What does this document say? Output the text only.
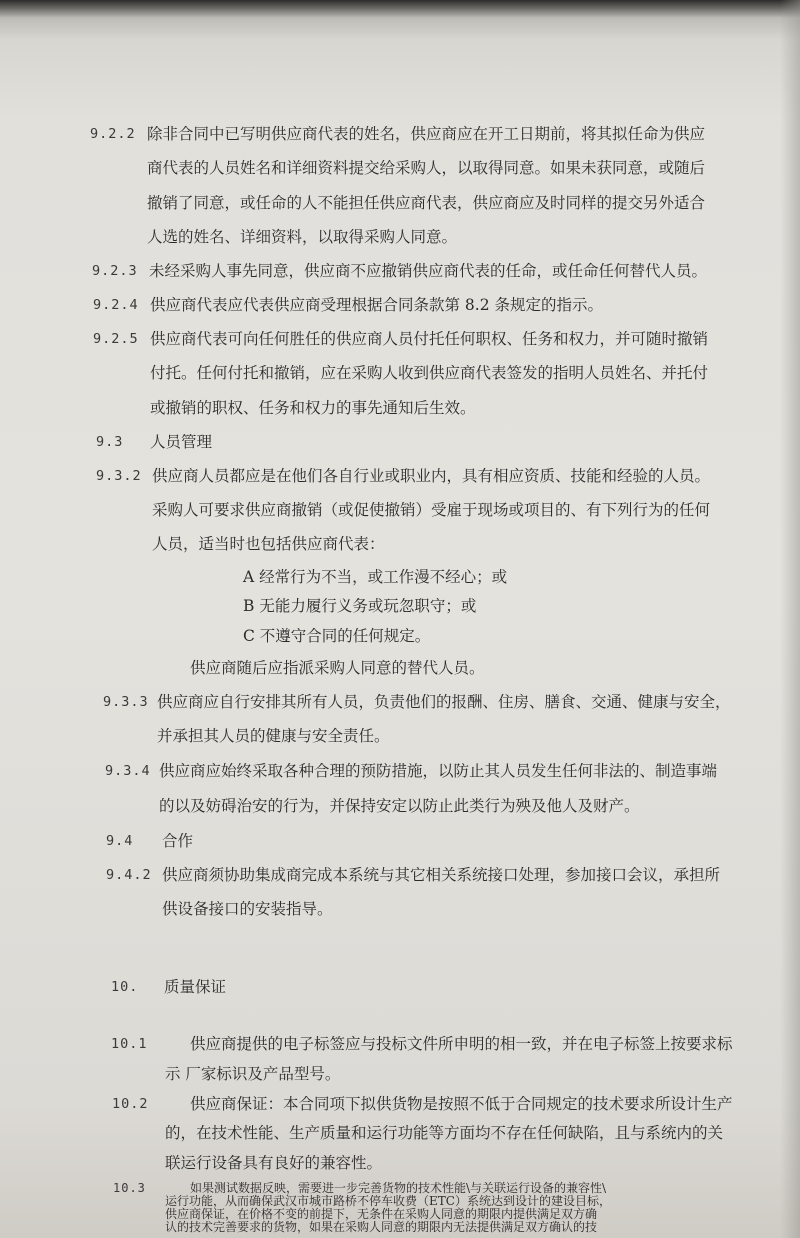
9.2.2 除非合同中已写明供应商代表的姓名，供应商应在开工日期前，将其拟任命为供应
商代表的人员姓名和详细资料提交给采购人，以取得同意。如果未获同意，或随后
撤销了同意，或任命的人不能担任供应商代表，供应商应及时同样的提交另外适合
人选的姓名、详细资料，以取得采购人同意。
9.2.3 未经采购人事先同意，供应商不应撤销供应商代表的任命，或任命任何替代人员。
9.2.4 供应商代表应代表供应商受理根据合同条款第 8.2 条规定的指示。
9.2.5 供应商代表可向任何胜任的供应商人员付托任何职权、任务和权力，并可随时撤销
付托。任何付托和撤销，应在采购人收到供应商代表签发的指明人员姓名、并托付
或撤销的职权、任务和权力的事先通知后生效。
9.3 人员管理
9.3.2 供应商人员都应是在他们各自行业或职业内，具有相应资质、技能和经验的人员。
采购人可要求供应商撤销（或促使撤销）受雇于现场或项目的、有下列行为的任何
人员，适当时也包括供应商代表：
A 经常行为不当，或工作漫不经心；或
B 无能力履行义务或玩忽职守；或
C 不遵守合同的任何规定。
供应商随后应指派采购人同意的替代人员。
9.3.3 供应商应自行安排其所有人员，负责他们的报酬、住房、膳食、交通、健康与安全，
并承担其人员的健康与安全责任。
9.3.4 供应商应始终采取各种合理的预防措施，以防止其人员发生任何非法的、制造事端
的以及妨碍治安的行为，并保持安定以防止此类行为殃及他人及财产。
9.4 合作
9.4.2 供应商须协助集成商完成本系统与其它相关系统接口处理，参加接口会议，承担所
供设备接口的安装指导。
10. 质量保证
10.1	供应商提供的电子标签应与投标文件所申明的相一致，并在电子标签上按要求标
示 厂家标识及产品型号。
10.2	供应商保证：本合同项下拟供货物是按照不低于合同规定的技术要求所设计生产
的，在技术性能、生产质量和运行功能等方面均不存在任何缺陷，且与系统内的关
联运行设备具有良好的兼容性。
10.3	如果测试数据反映，需要进一步完善货物的技术性能\与关联运行设备的兼容性\
运行功能，从而确保武汉市城市路桥不停车收费（ETC）系统达到设计的建设目标，
供应商保证，在价格不变的前提下，无条件在采购人同意的期限内提供满足双方确
认的技术完善要求的货物，如果在采购人同意的期限内无法提供满足双方确认的技
